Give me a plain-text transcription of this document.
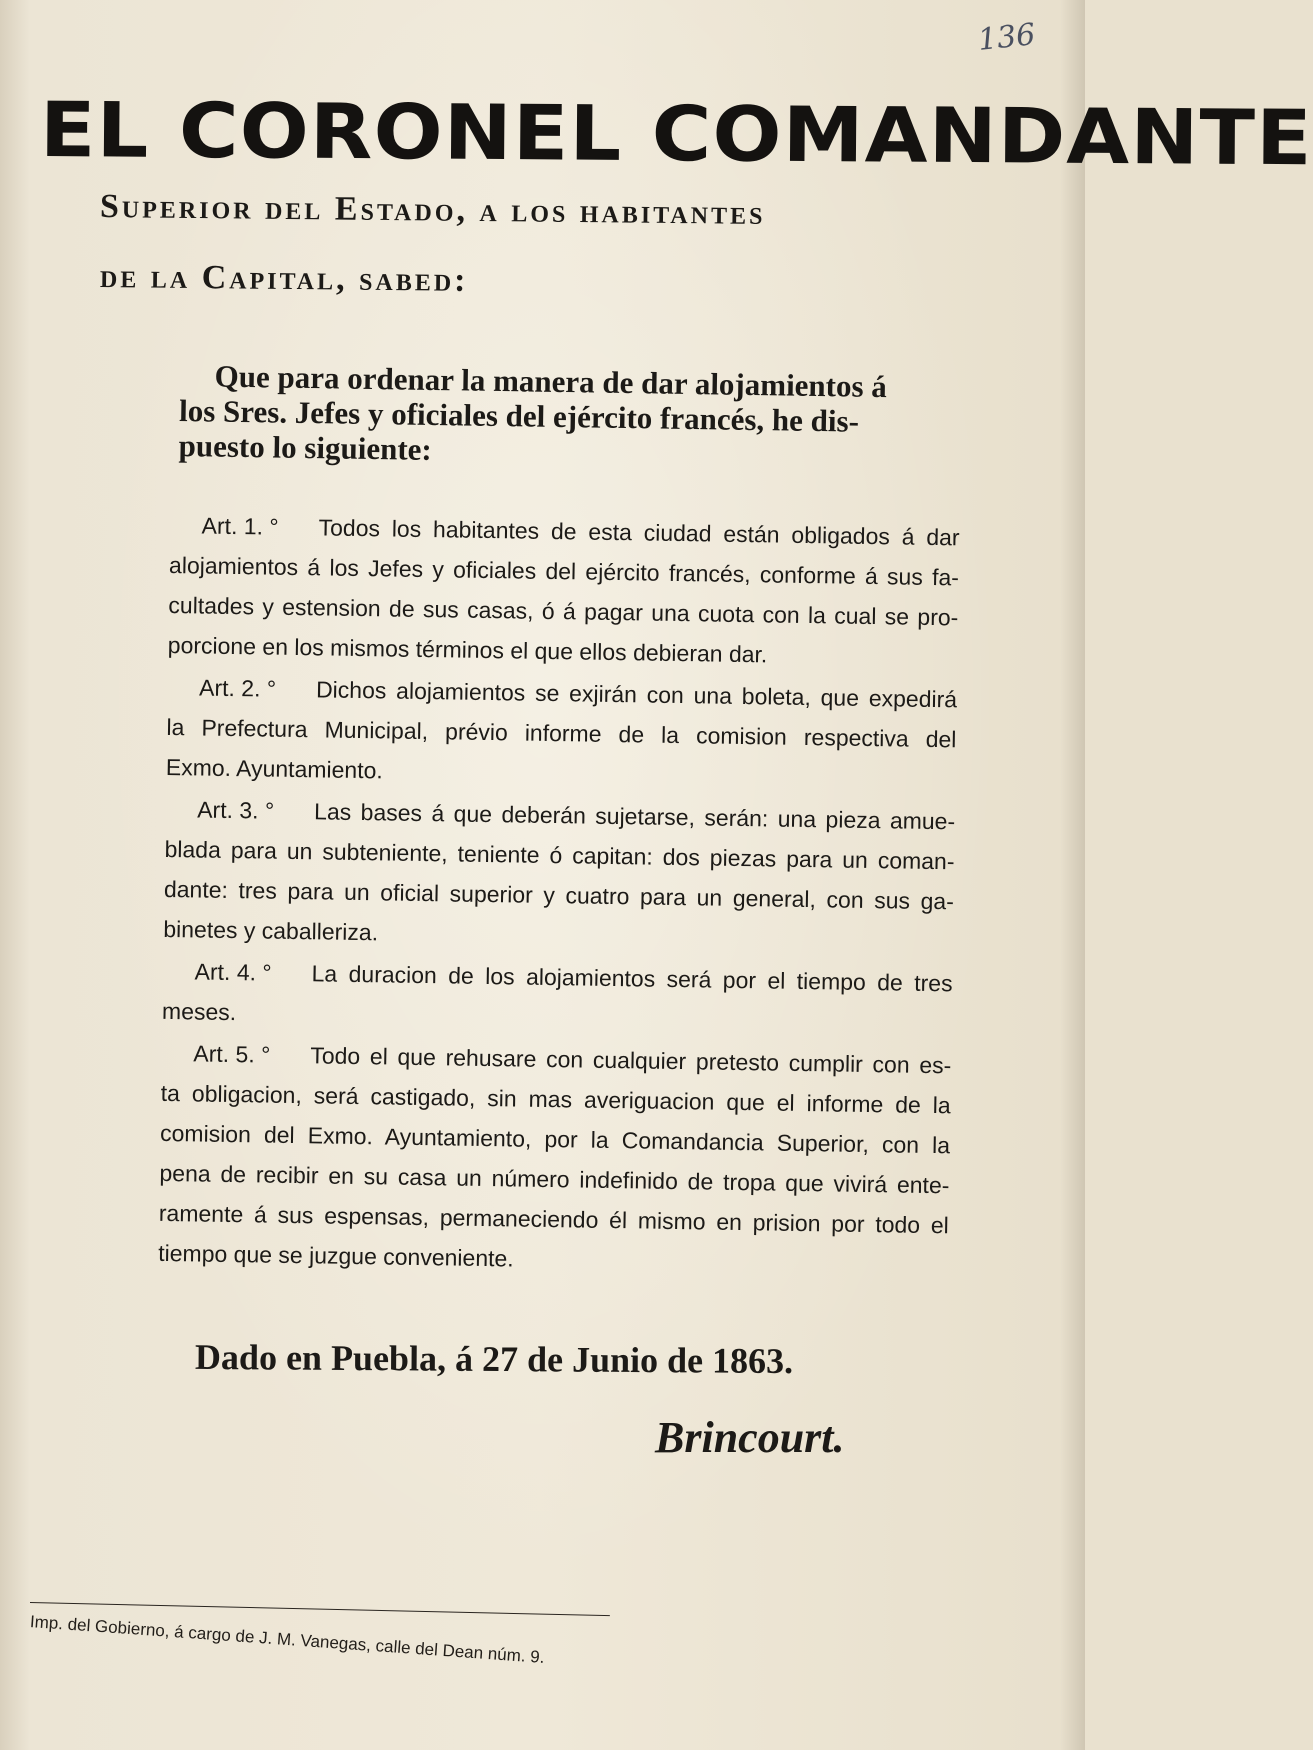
136
EL CORONEL COMANDANTE
Superior del Estado, a los habitantes
de la Capital, sabed:
Que para ordenar la manera de dar alojamientos á
los Sres. Jefes y oficiales del ejército francés, he dis-
puesto lo siguiente:
Art. 1. ° Todos los habitantes de esta ciudad están obligados á dar
alojamientos á los Jefes y oficiales del ejército francés, conforme á sus fa-
cultades y estension de sus casas, ó á pagar una cuota con la cual se pro-
porcione en los mismos términos el que ellos debieran dar.
Art. 2. ° Dichos alojamientos se exjirán con una boleta, que expedirá
la Prefectura Municipal, prévio informe de la comision respectiva del
Exmo. Ayuntamiento.
Art. 3. ° Las bases á que deberán sujetarse, serán: una pieza amue-
blada para un subteniente, teniente ó capitan: dos piezas para un coman-
dante: tres para un oficial superior y cuatro para un general, con sus ga-
binetes y caballeriza.
Art. 4. ° La duracion de los alojamientos será por el tiempo de tres
meses.
Art. 5. ° Todo el que rehusare con cualquier pretesto cumplir con es-
ta obligacion, será castigado, sin mas averiguacion que el informe de la
comision del Exmo. Ayuntamiento, por la Comandancia Superior, con la
pena de recibir en su casa un número indefinido de tropa que vivirá ente-
ramente á sus espensas, permaneciendo él mismo en prision por todo el
tiempo que se juzgue conveniente.
Dado en Puebla, á 27 de Junio de 1863.
Brincourt.
Imp. del Gobierno, á cargo de J. M. Vanegas, calle del Dean núm. 9.
